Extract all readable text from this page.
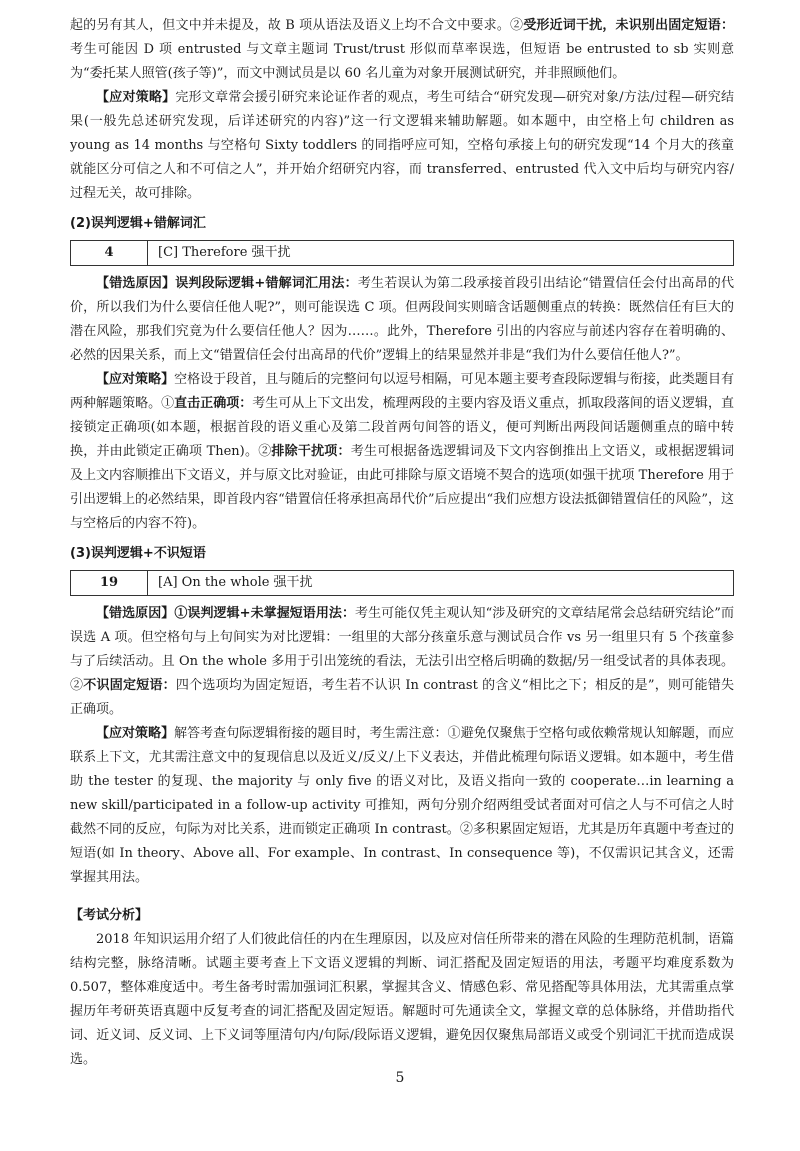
起的另有其人，但文中并未提及，故 B 项从语法及语义上均不合文中要求。②受形近词干扰，未识别出固定短语：考生可能因 D 项 entrusted 与文章主题词 Trust/trust 形似而草率误选，但短语 be entrusted to sb 实则意为“委托某人照管(孩子等)”，而文中测试员是以 60 名儿童为对象开展测试研究，并非照顾他们。

【应对策略】完形文章常会援引研究来论证作者的观点，考生可结合“研究发现—研究对象/方法/过程—研究结果(一般先总述研究发现，后详述研究的内容)”这一行文逻辑来辅助解题。如本题中，由空格上句 children as young as 14 months 与空格句 Sixty toddlers 的同指呼应可知，空格句承接上句的研究发现“14 个月大的孩童就能区分可信之人和不可信之人”，并开始介绍研究内容，而 transferred、entrusted 代入文中后均与研究内容/过程无关，故可排除。

(2)误判逻辑+错解词汇
4	[C] Therefore 强干扰

【错选原因】误判段际逻辑+错解词汇用法：考生若误认为第二段承接首段引出结论“错置信任会付出高昂的代价，所以我们为什么要信任他人呢?”，则可能误选 C 项。但两段间实则暗含话题侧重点的转换：既然信任有巨大的潜在风险，那我们究竟为什么要信任他人？因为……。此外，Therefore 引出的内容应与前述内容存在着明确的、必然的因果关系，而上文“错置信任会付出高昂的代价”逻辑上的结果显然并非是“我们为什么要信任他人?”。

【应对策略】空格设于段首，且与随后的完整问句以逗号相隔，可见本题主要考查段际逻辑与衔接，此类题目有两种解题策略。①直击正确项：考生可从上下文出发，梳理两段的主要内容及语义重点，抓取段落间的语义逻辑，直接锁定正确项(如本题，根据首段的语义重心及第二段首两句间答的语义，便可判断出两段间话题侧重点的暗中转换，并由此锁定正确项 Then)。②排除干扰项：考生可根据备选逻辑词及下文内容倒推出上文语义，或根据逻辑词及上文内容顺推出下文语义，并与原文比对验证，由此可排除与原文语境不契合的选项(如强干扰项 Therefore 用于引出逻辑上的必然结果，即首段内容“错置信任将承担高昂代价”后应提出“我们应想方设法抵御错置信任的风险”，这与空格后的内容不符)。

(3)误判逻辑+不识短语
19	[A] On the whole 强干扰

【错选原因】①误判逻辑+未掌握短语用法：考生可能仅凭主观认知“涉及研究的文章结尾常会总结研究结论”而误选 A 项。但空格句与上句间实为对比逻辑：一组里的大部分孩童乐意与测试员合作 vs 另一组里只有 5 个孩童参与了后续活动。且 On the whole 多用于引出笼统的看法，无法引出空格后明确的数据/另一组受试者的具体表现。②不识固定短语：四个选项均为固定短语，考生若不认识 In contrast 的含义“相比之下；相反的是”，则可能错失正确项。

【应对策略】解答考查句际逻辑衔接的题目时，考生需注意：①避免仅聚焦于空格句或依赖常规认知解题，而应联系上下文，尤其需注意文中的复现信息以及近义/反义/上下义表达，并借此梳理句际语义逻辑。如本题中，考生借助 the tester 的复现、the majority 与 only five 的语义对比，及语义指向一致的 cooperate…in learning a new skill/participated in a follow-up activity 可推知，两句分别介绍两组受试者面对可信之人与不可信之人时截然不同的反应，句际为对比关系，进而锁定正确项 In contrast。②多积累固定短语，尤其是历年真题中考查过的短语(如 In theory、Above all、For example、In contrast、In consequence 等)，不仅需识记其含义，还需掌握其用法。

【考试分析】

2018 年知识运用介绍了人们彼此信任的内在生理原因，以及应对信任所带来的潜在风险的生理防范机制，语篇结构完整，脉络清晰。试题主要考查上下文语义逻辑的判断、词汇搭配及固定短语的用法，考题平均难度系数为 0.507，整体难度适中。考生备考时需加强词汇积累，掌握其含义、情感色彩、常见搭配等具体用法，尤其需重点掌握历年考研英语真题中反复考查的词汇搭配及固定短语。解题时可先通读全文，掌握文章的总体脉络，并借助指代词、近义词、反义词、上下义词等厘清句内/句际/段际语义逻辑，避免因仅聚焦局部语义或受个别词汇干扰而造成误选。

5
